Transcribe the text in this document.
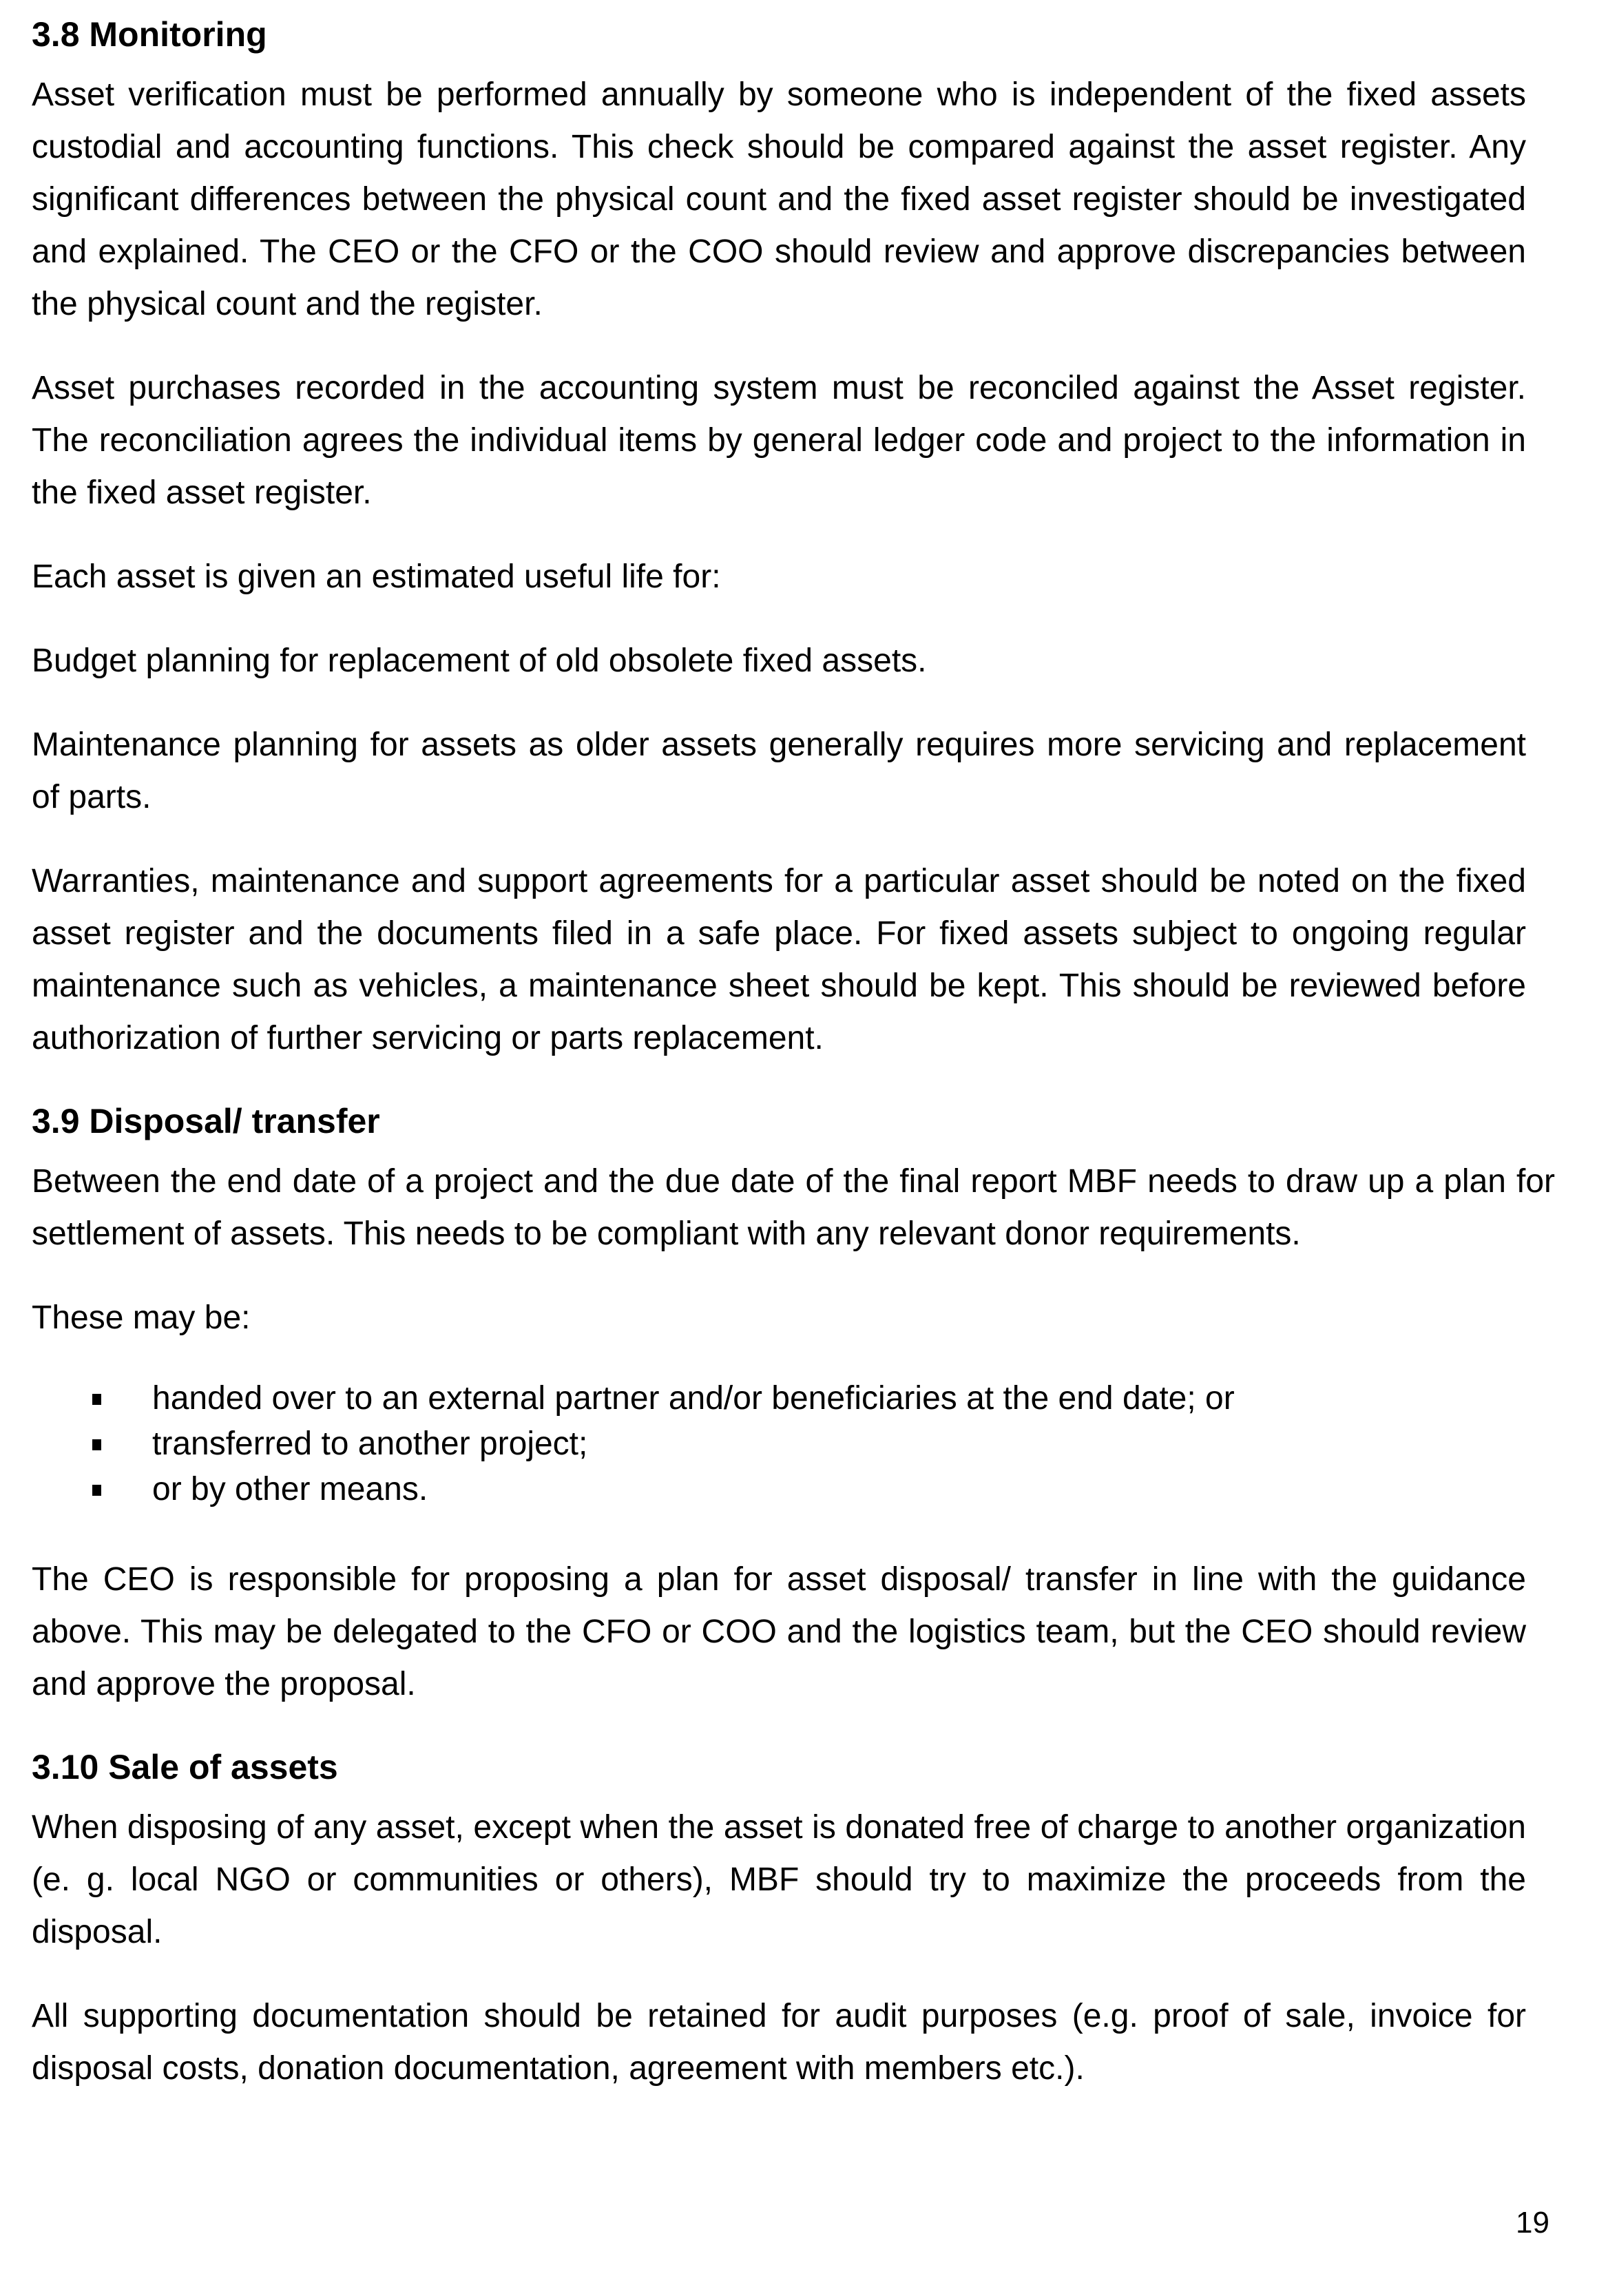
3.8 Monitoring

Asset verification must be performed annually by someone who is independent of the fixed assets custodial and accounting functions. This check should be compared against the asset register. Any significant differences between the physical count and the fixed asset register should be investigated and explained. The CEO or the CFO or the COO should review and approve discrepancies between the physical count and the register.

Asset purchases recorded in the accounting system must be reconciled against the Asset register. The reconciliation agrees the individual items by general ledger code and project to the information in the fixed asset register.

Each asset is given an estimated useful life for:

Budget planning for replacement of old obsolete fixed assets.

Maintenance planning for assets as older assets generally requires more servicing and replacement of parts.

Warranties, maintenance and support agreements for a particular asset should be noted on the fixed asset register and the documents filed in a safe place. For fixed assets subject to ongoing regular maintenance such as vehicles, a maintenance sheet should be kept. This should be reviewed before authorization of further servicing or parts replacement.

3.9 Disposal/ transfer

Between the end date of a project and the due date of the final report MBF needs to draw up a plan for settlement of assets. This needs to be compliant with any relevant donor requirements.

These may be:

handed over to an external partner and/or beneficiaries at the end date; or
transferred to another project;
or by other means.

The CEO is responsible for proposing a plan for asset disposal/ transfer in line with the guidance above. This may be delegated to the CFO or COO and the logistics team, but the CEO should review and approve the proposal.

3.10 Sale of assets

When disposing of any asset, except when the asset is donated free of charge to another organization (e. g. local NGO or communities or others), MBF should try to maximize the proceeds from the disposal.

All supporting documentation should be retained for audit purposes (e.g. proof of sale, invoice for disposal costs, donation documentation, agreement with members etc.).

19
